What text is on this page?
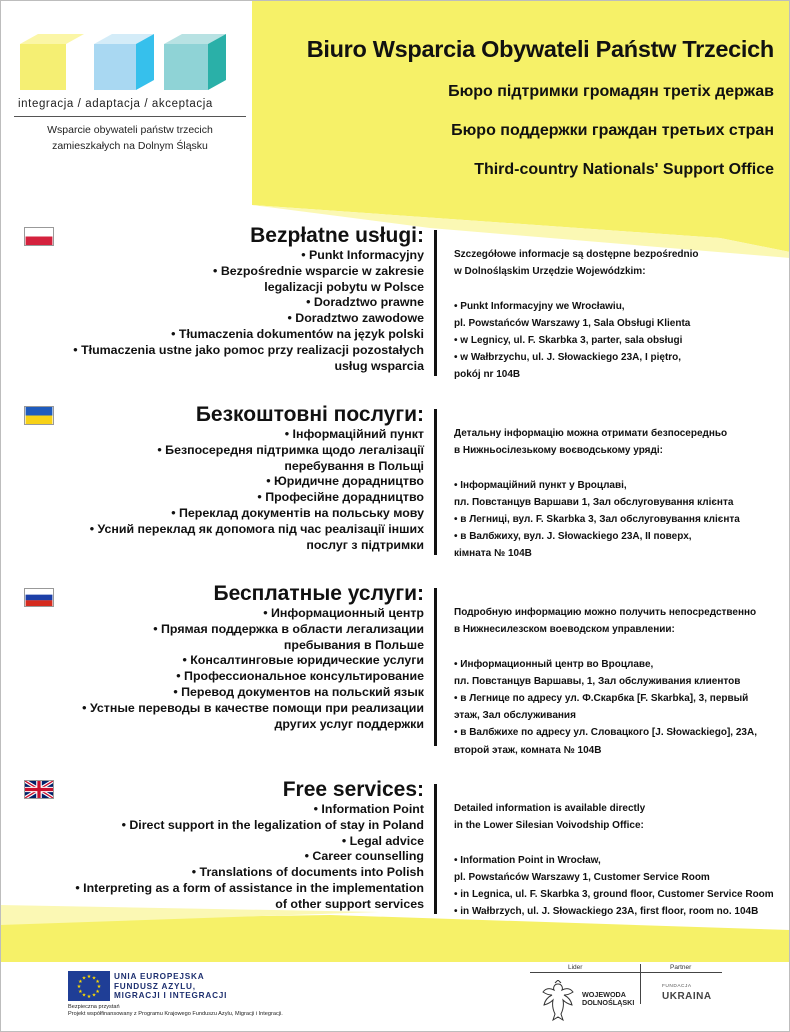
integracja / adaptacja / akceptacja
Wsparcie obywateli państw trzecich
zamieszkałych na Dolnym Śląsku
Biuro Wsparcia Obywateli Państw Trzecich
Бюро підтримки громадян третіх держав
Бюро поддержки граждан третьих стран
Third-country Nationals' Support Office
Bezpłatne usługi:
• Punkt Informacyjny
• Bezpośrednie wsparcie w zakresie
legalizacji pobytu w Polsce
• Doradztwo prawne
• Doradztwo zawodowe
• Tłumaczenia dokumentów na język polski
• Tłumaczenia ustne jako pomoc przy realizacji pozostałych
usług wsparcia

Szczegółowe informacje są dostępne bezpośrednio

w Dolnośląskim Urzędzie Wojewódzkim:

• Punkt Informacyjny we Wrocławiu,

pl. Powstańców Warszawy 1, Sala Obsługi Klienta

• w Legnicy, ul. F. Skarbka 3, parter, sala obsługi

• w Wałbrzychu, ul. J. Słowackiego 23A, I piętro,

pokój nr 104B

Безкоштовні послуги:
• Інформаційний пункт
• Безпосередня підтримка щодо легалізації
перебування в Польщі
• Юридичне дорадництво
• Професійне дорадництво
• Переклад документів на польську мову
• Усний переклад як допомога під час реалізації інших
послуг з підтримки

Детальну інформацію можна отримати безпосередньо

в Нижньосілезькому воєводському уряді:

• Інформаційний пункт у Вроцлаві,

пл. Повстанцув Варшави 1, Зал обслуговування клієнта

• в Легниці, вул. F. Skarbka 3, Зал обслуговування клієнта

• в Валбжиху, вул. J. Słowackiego 23A, II поверх,

кімната № 104B

Бесплатные услуги:
• Информационный центр
• Прямая поддержка в области легализации
пребывания в Польше
• Консалтинговые юридические услуги
• Профессиональное консультирование
• Перевод документов на польский язык
• Устные переводы в качестве помощи при реализации
других услуг поддержки

Подробную информацию можно получить непосредственно

в Нижнесилезском воеводском управлении:

• Информационный центр во Вроцлаве,

пл. Повстанцув Варшавы, 1, Зал обслуживания клиентов

• в Легнице по адресу ул. Ф.Скарбка [F. Skarbka], 3, первый

этаж, Зал обслуживания

• в Валбжихе по адресу ул. Словацкого [J. Słowackiego], 23A,

второй этаж, комната № 104B

Free services:
• Information Point
• Direct support in the legalization of stay in Poland
• Legal advice
• Career counselling
• Translations of documents into Polish
• Interpreting as a form of assistance in the implementation
of other support services

Detailed information is available directly

in the Lower Silesian Voivodship Office:

• Information Point in Wrocław,

pl. Powstańców Warszawy 1, Customer Service Room

• in Legnica, ul. F. Skarbka 3, ground floor, Customer Service Room

• in Wałbrzych, ul. J. Słowackiego 23A, first floor, room no. 104B

★ ★
★
★
★
★
★
★
★
★
★
★	UNIA EUROPEJSKA
FUNDUSZ AZYLU,
MIGRACJI I INTEGRACJI
Bezpieczna przystań
Projekt współfinansowany z Programu Krajowego Funduszu Azylu, Migracji i Integracji.
Lider	Partner
WOJEWODA
DOLNOŚLĄSKI
FUNDACJA
UKRAINA
